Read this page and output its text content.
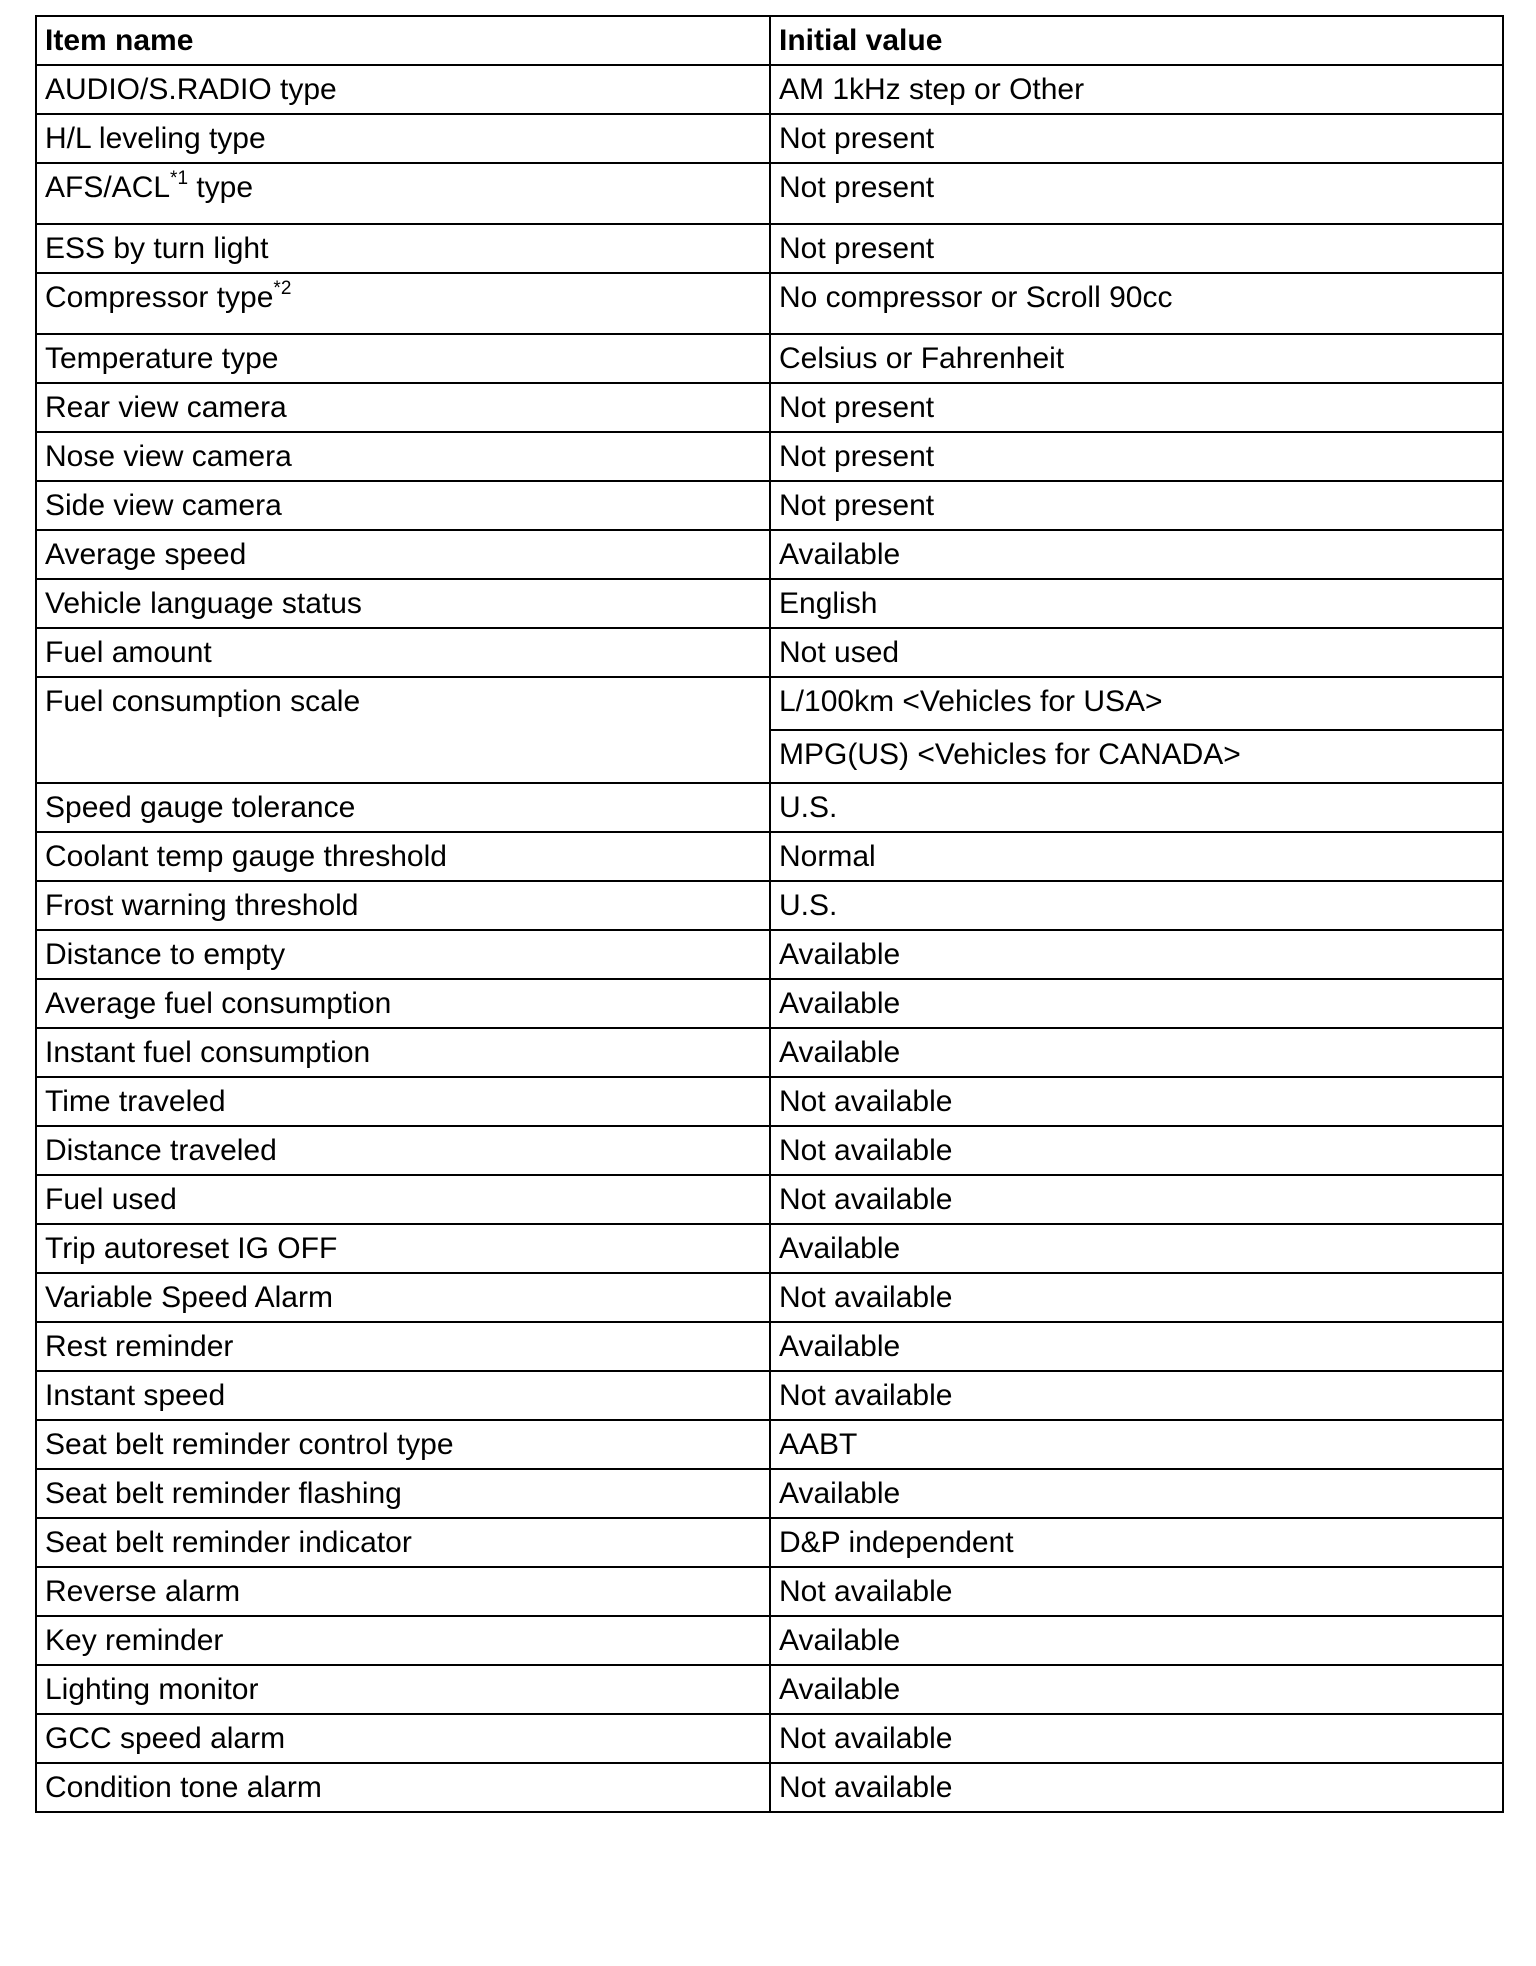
Item name	Initial value
AUDIO/S.RADIO type	AM 1kHz step or Other
H/L leveling type	Not present
AFS/ACL$^{*1}$ type	Not present
ESS by turn light	Not present
Compressor type$^{*2}$	No compressor or Scroll 90cc
Temperature type	Celsius or Fahrenheit
Rear view camera	Not present
Nose view camera	Not present
Side view camera	Not present
Average speed	Available
Vehicle language status	English
Fuel amount	Not used
Fuel consumption scale	L/100km <Vehicles for USA>
	MPG(US) <Vehicles for CANADA>
Speed gauge tolerance	U.S.
Coolant temp gauge threshold	Normal
Frost warning threshold	U.S.
Distance to empty	Available
Average fuel consumption	Available
Instant fuel consumption	Available
Time traveled	Not available
Distance traveled	Not available
Fuel used	Not available
Trip autoreset IG OFF	Available
Variable Speed Alarm	Not available
Rest reminder	Available
Instant speed	Not available
Seat belt reminder control type	AABT
Seat belt reminder flashing	Available
Seat belt reminder indicator	D&P independent
Reverse alarm	Not available
Key reminder	Available
Lighting monitor	Available
GCC speed alarm	Not available
Condition tone alarm	Not available
